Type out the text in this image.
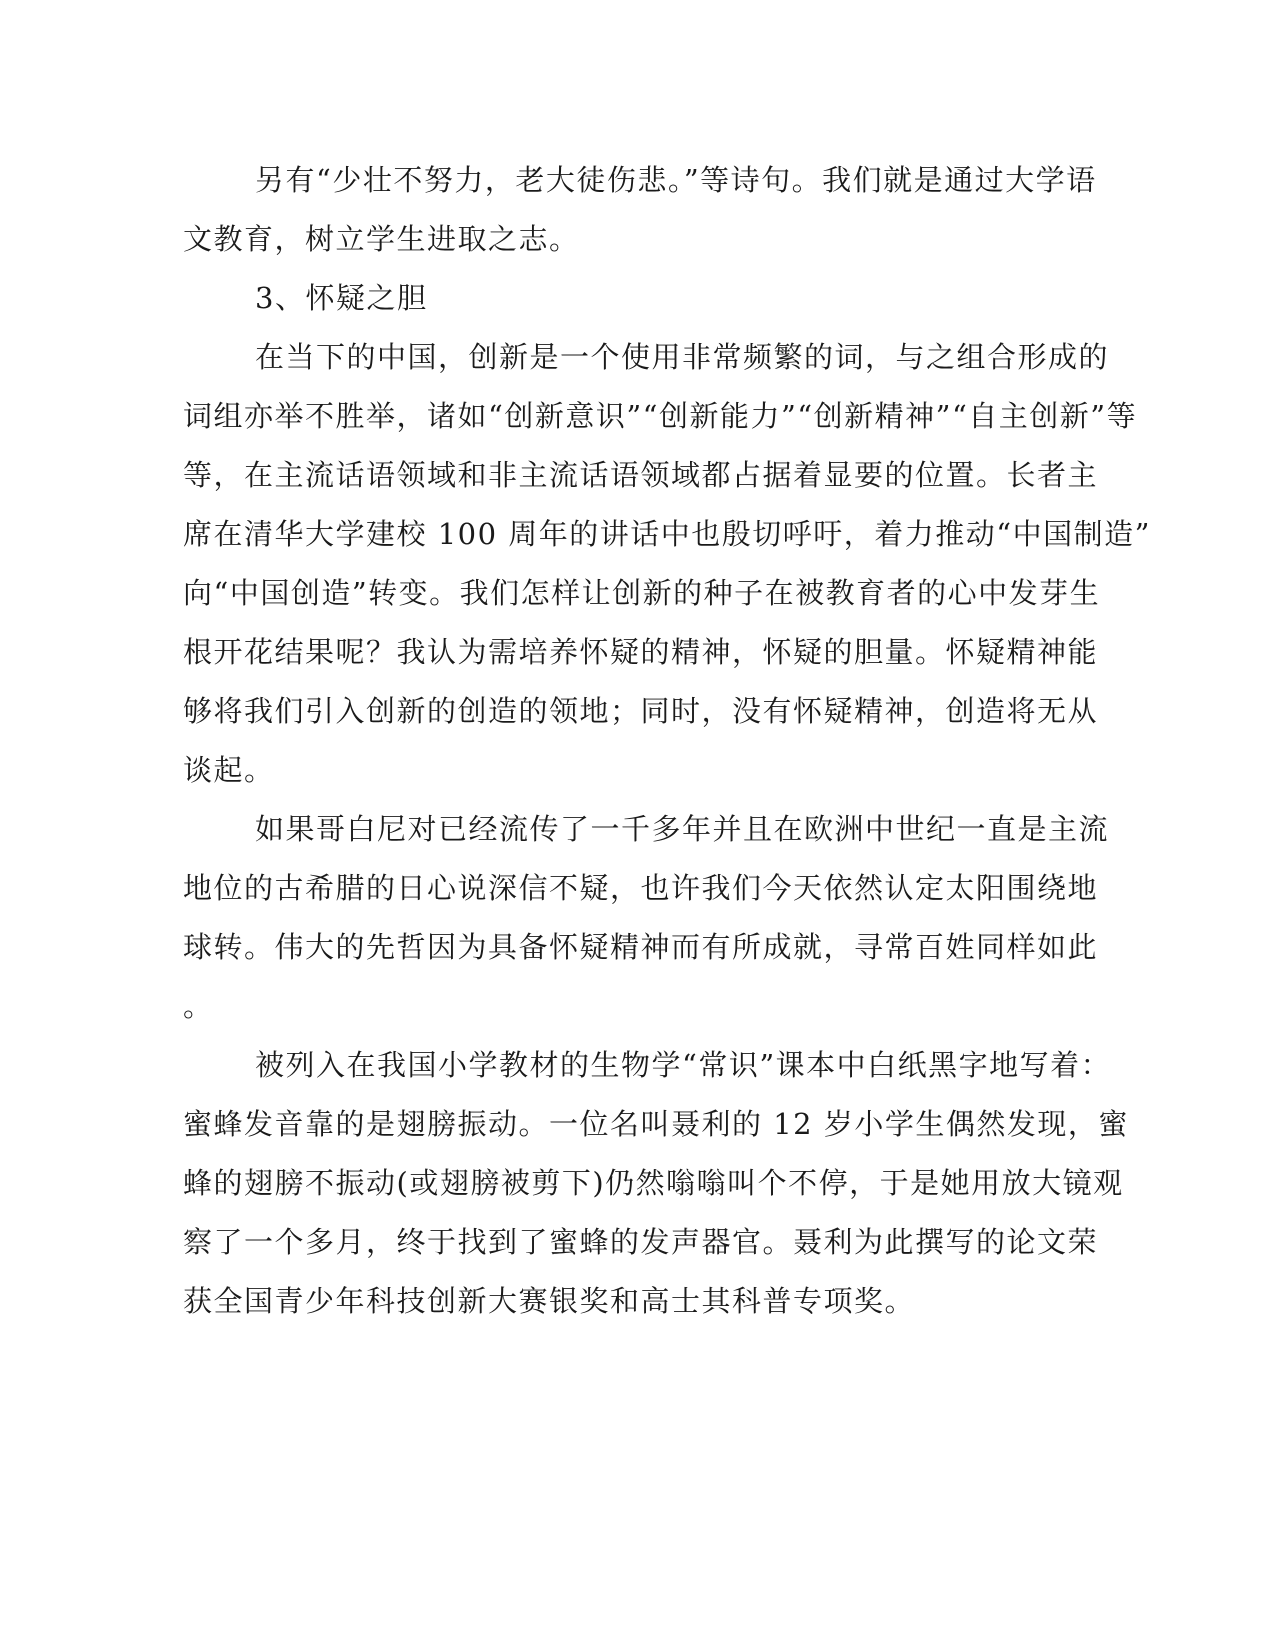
另有“少壮不努力，老大徒伤悲。”等诗句。我们就是通过大学语

文教育，树立学生进取之志。

3、怀疑之胆

在当下的中国，创新是一个使用非常频繁的词，与之组合形成的

词组亦举不胜举，诸如“创新意识”“创新能力”“创新精神”“自主创新”等

等，在主流话语领域和非主流话语领域都占据着显要的位置。长者主

席在清华大学建校 100 周年的讲话中也殷切呼吁，着力推动“中国制造”

向“中国创造”转变。我们怎样让创新的种子在被教育者的心中发芽生

根开花结果呢？我认为需培养怀疑的精神，怀疑的胆量。怀疑精神能

够将我们引入创新的创造的领地；同时，没有怀疑精神，创造将无从

谈起。

如果哥白尼对已经流传了一千多年并且在欧洲中世纪一直是主流

地位的古希腊的日心说深信不疑，也许我们今天依然认定太阳围绕地

球转。伟大的先哲因为具备怀疑精神而有所成就，寻常百姓同样如此

。

被列入在我国小学教材的生物学“常识”课本中白纸黑字地写着：

蜜蜂发音靠的是翅膀振动。一位名叫聂利的 12 岁小学生偶然发现，蜜

蜂的翅膀不振动(或翅膀被剪下)仍然嗡嗡叫个不停，于是她用放大镜观

察了一个多月，终于找到了蜜蜂的发声器官。聂利为此撰写的论文荣

获全国青少年科技创新大赛银奖和高士其科普专项奖。
